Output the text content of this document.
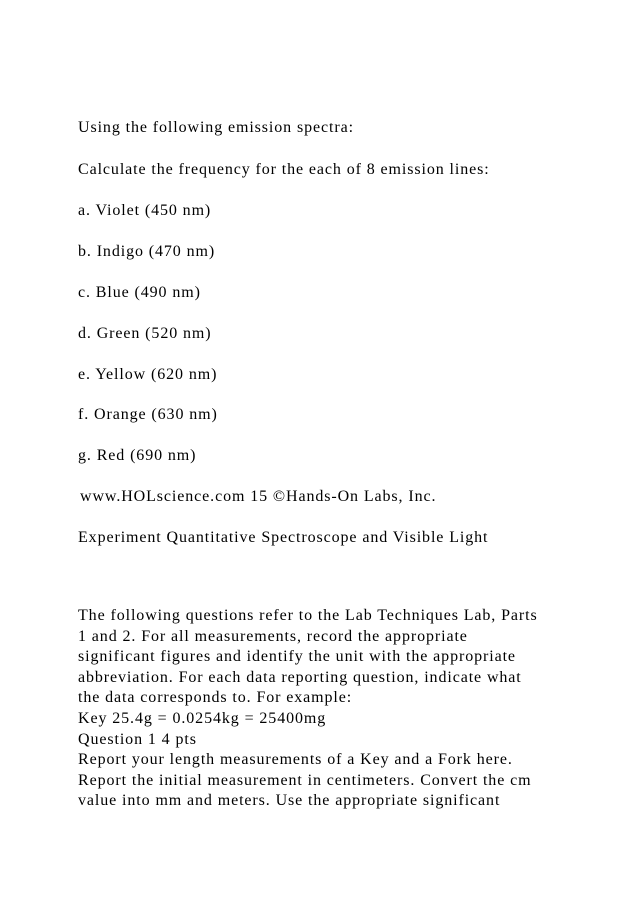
Using the following emission spectra:
Calculate the frequency for the each of 8 emission lines:
a. Violet (450 nm)
b. Indigo (470 nm)
c. Blue (490 nm)
d. Green (520 nm)
e. Yellow (620 nm)
f. Orange (630 nm)
g. Red (690 nm)
www.HOLscience.com 15 ©Hands-On Labs, Inc.
Experiment Quantitative Spectroscope and Visible Light
The following questions refer to the Lab Techniques Lab, Parts
1 and 2. For all measurements, record the appropriate
significant figures and identify the unit with the appropriate
abbreviation. For each data reporting question, indicate what
the data corresponds to. For example:
Key 25.4g = 0.0254kg = 25400mg
Question 1 4 pts
Report your length measurements of a Key and a Fork here.
Report the initial measurement in centimeters. Convert the cm
value into mm and meters. Use the appropriate significant
